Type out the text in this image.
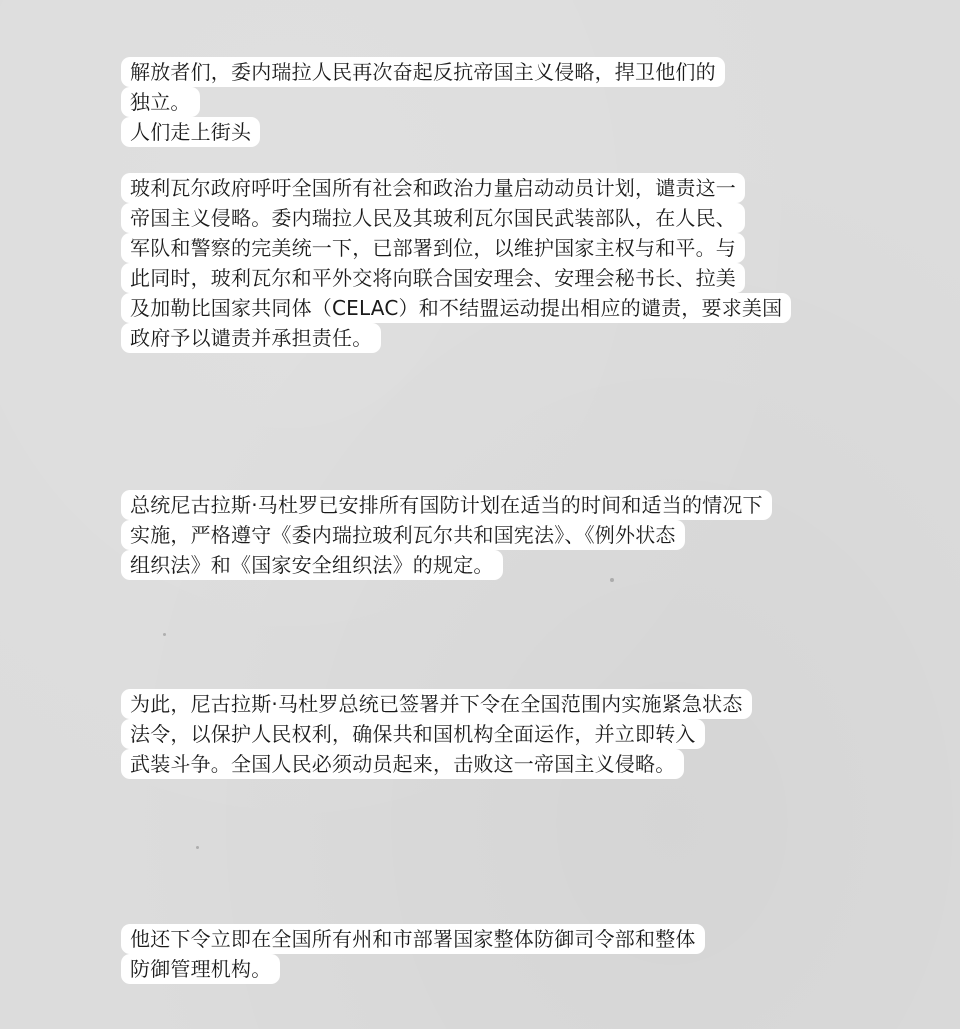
解放者们，委内瑞拉人民再次奋起反抗帝国主义侵略，捍卫他们的
独立。
人们走上街头
玻利瓦尔政府呼吁全国所有社会和政治力量启动动员计划，谴责这一
帝国主义侵略。委内瑞拉人民及其玻利瓦尔国民武装部队，在人民、
军队和警察的完美统一下，已部署到位，以维护国家主权与和平。与
此同时，玻利瓦尔和平外交将向联合国安理会、安理会秘书长、拉美
及加勒比国家共同体（CELAC）和不结盟运动提出相应的谴责，要求美国
政府予以谴责并承担责任。
总统尼古拉斯·马杜罗已安排所有国防计划在适当的时间和适当的情况下
实施，严格遵守《委内瑞拉玻利瓦尔共和国宪法》、《例外状态
组织法》和《国家安全组织法》的规定。
为此，尼古拉斯·马杜罗总统已签署并下令在全国范围内实施紧急状态
法令，以保护人民权利，确保共和国机构全面运作，并立即转入
武装斗争。全国人民必须动员起来，击败这一帝国主义侵略。
他还下令立即在全国所有州和市部署国家整体防御司令部和整体
防御管理机构。
